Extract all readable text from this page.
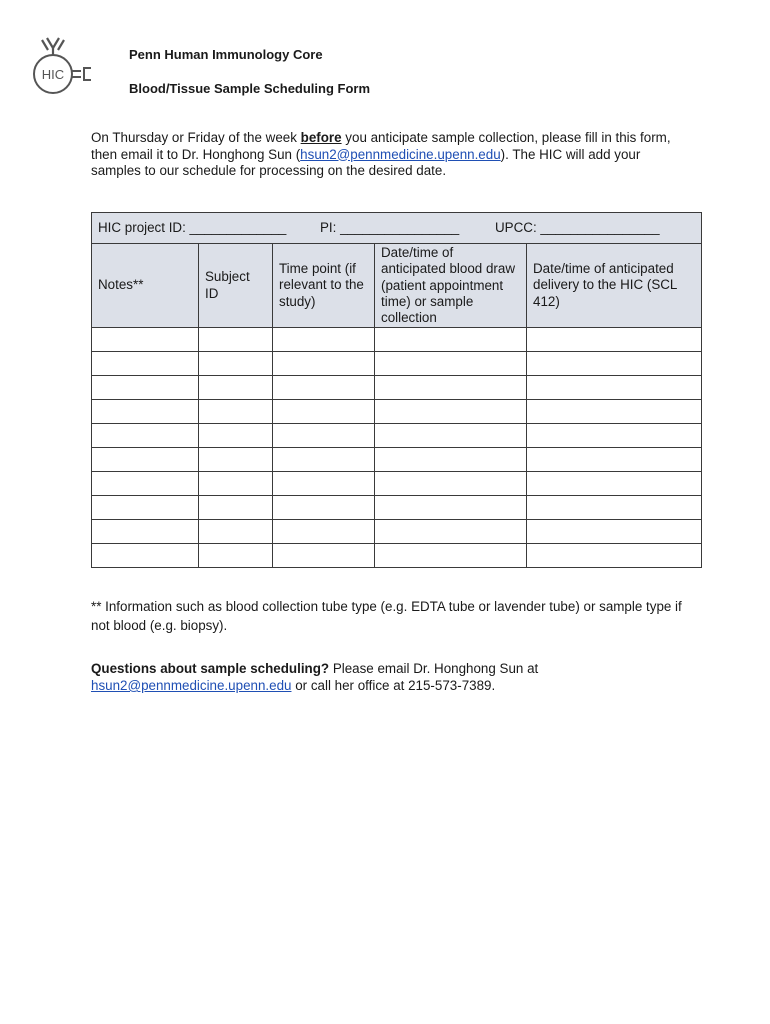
HIC
Penn Human Immunology Core
Blood/Tissue Sample Scheduling Form
On Thursday or Friday of the week before you anticipate sample collection, please fill in this form, then email it to Dr. Honghong Sun (hsun2@pennmedicine.upenn.edu). The HIC will add your samples to our schedule for processing on the desired date.
HIC project ID: _____________ PI: ________________ UPCC: ________________				
Notes**	Subject ID	Time point (if relevant to the study)	Date/time of anticipated blood draw (patient appointment time) or sample collection	Date/time of anticipated delivery to the HIC (SCL 412)

** Information such as blood collection tube type (e.g. EDTA tube or lavender tube) or sample type if not blood (e.g. biopsy).
Questions about sample scheduling? Please email Dr. Honghong Sun at hsun2@pennmedicine.upenn.edu or call her office at 215-573-7389.
